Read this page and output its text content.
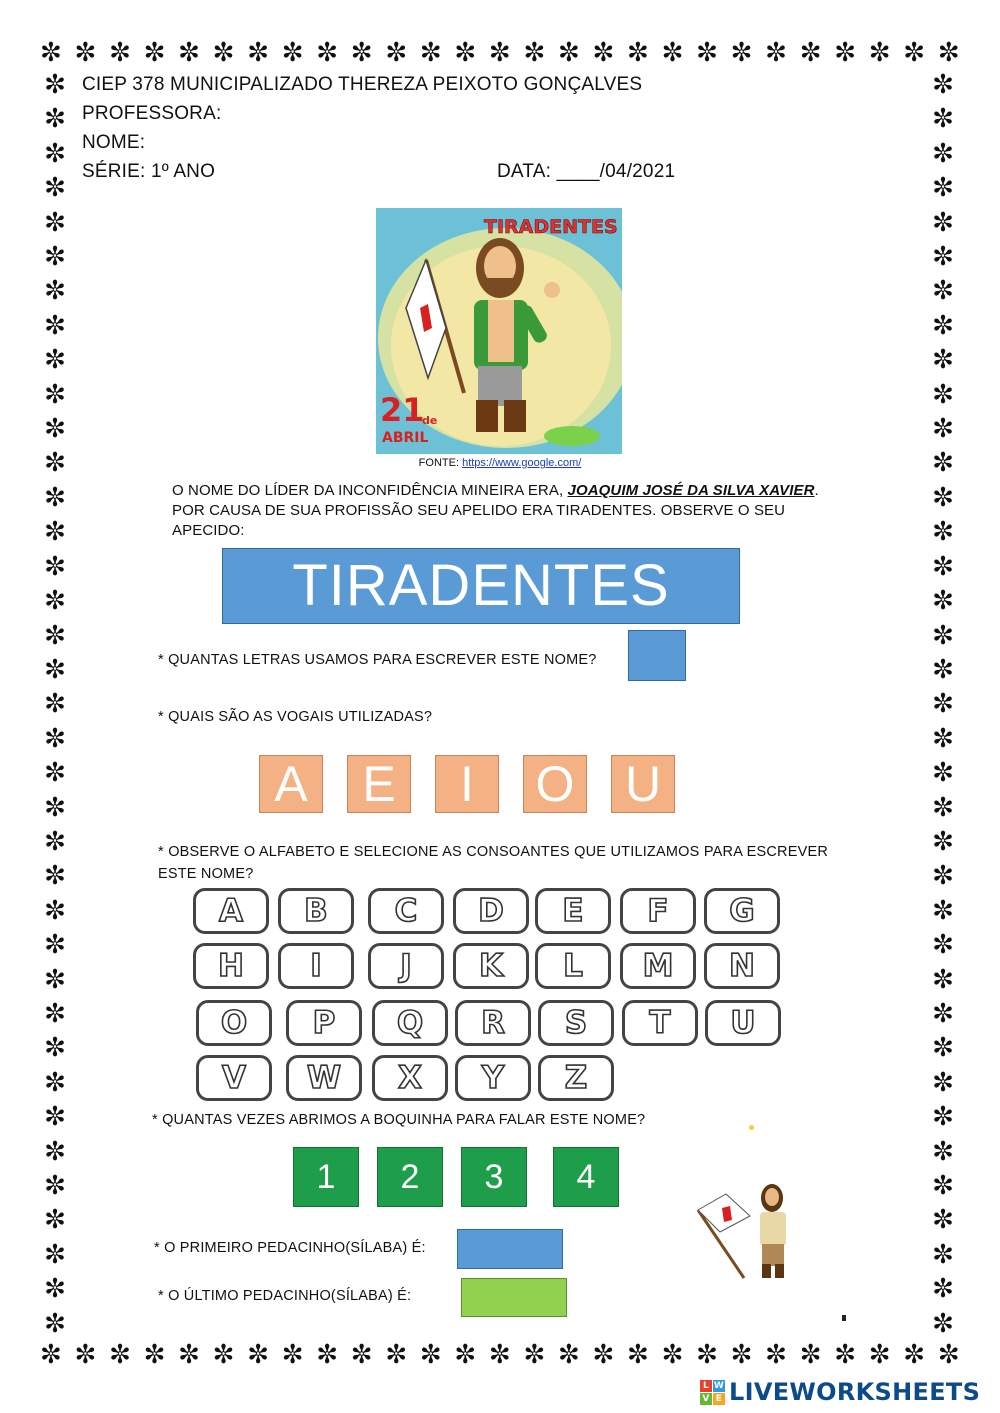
✼ ✼ ✼ ✼ ✼ ✼ ✼ ✼ ✼ ✼ ✼ ✼ ✼ ✼ ✼ ✼ ✼ ✼ ✼ ✼ ✼ ✼ ✼ ✼ ✼ ✼ ✼
✼ ✼ ✼ ✼ ✼ ✼ ✼ ✼ ✼ ✼ ✼ ✼ ✼ ✼ ✼ ✼ ✼ ✼ ✼ ✼ ✼ ✼ ✼ ✼ ✼ ✼ ✼
✼
✼
✼
✼
✼
✼
✼
✼
✼
✼
✼
✼
✼
✼
✼
✼
✼
✼
✼
✼
✼
✼
✼
✼
✼
✼
✼
✼
✼
✼
✼
✼
✼
✼
✼
✼
✼
✼
✼
✼
✼
✼
✼
✼
✼
✼
✼
✼
✼
✼
✼
✼
✼
✼
✼
✼
✼
✼
✼
✼
✼
✼
✼
✼
✼
✼
✼
✼
✼
✼
✼
✼
✼
✼
CIEP 378 MUNICIPALIZADO THEREZA PEIXOTO GONÇALVES
PROFESSORA:
NOME:
SÉRIE: 1º ANO	DATA: ____/04/2021
TIRADENTES
21
de
ABRIL
FONTE: https://www.google.com/
O NOME DO LÍDER DA INCONFIDÊNCIA MINEIRA ERA, JOAQUIM JOSÉ DA SILVA XAVIER. POR CAUSA DE SUA PROFISSÃO SEU APELIDO ERA TIRADENTES. OBSERVE O SEU APECIDO:
TIRADENTES
* QUANTAS LETRAS USAMOS PARA ESCREVER ESTE NOME?
* QUAIS SÃO AS VOGAIS UTILIZADAS?
A	E	I	O U
* OBSERVE O ALFABETO E SELECIONE AS CONSOANTES QUE UTILIZAMOS PARA ESCREVER ESTE NOME?
A	B	C	D	E	F	G
H	I	J	K	L	M	N
O	P	Q	R	S	T	U
V	W	X	Y	Z
* QUANTAS VEZES ABRIMOS A BOQUINHA PARA FALAR ESTE NOME?
1	2	3	4
* O PRIMEIRO PEDACINHO(SÍLABA) É:
* O ÚLTIMO PEDACINHO(SÍLABA) É:
L W
V E LIVEWORKSHEETS
